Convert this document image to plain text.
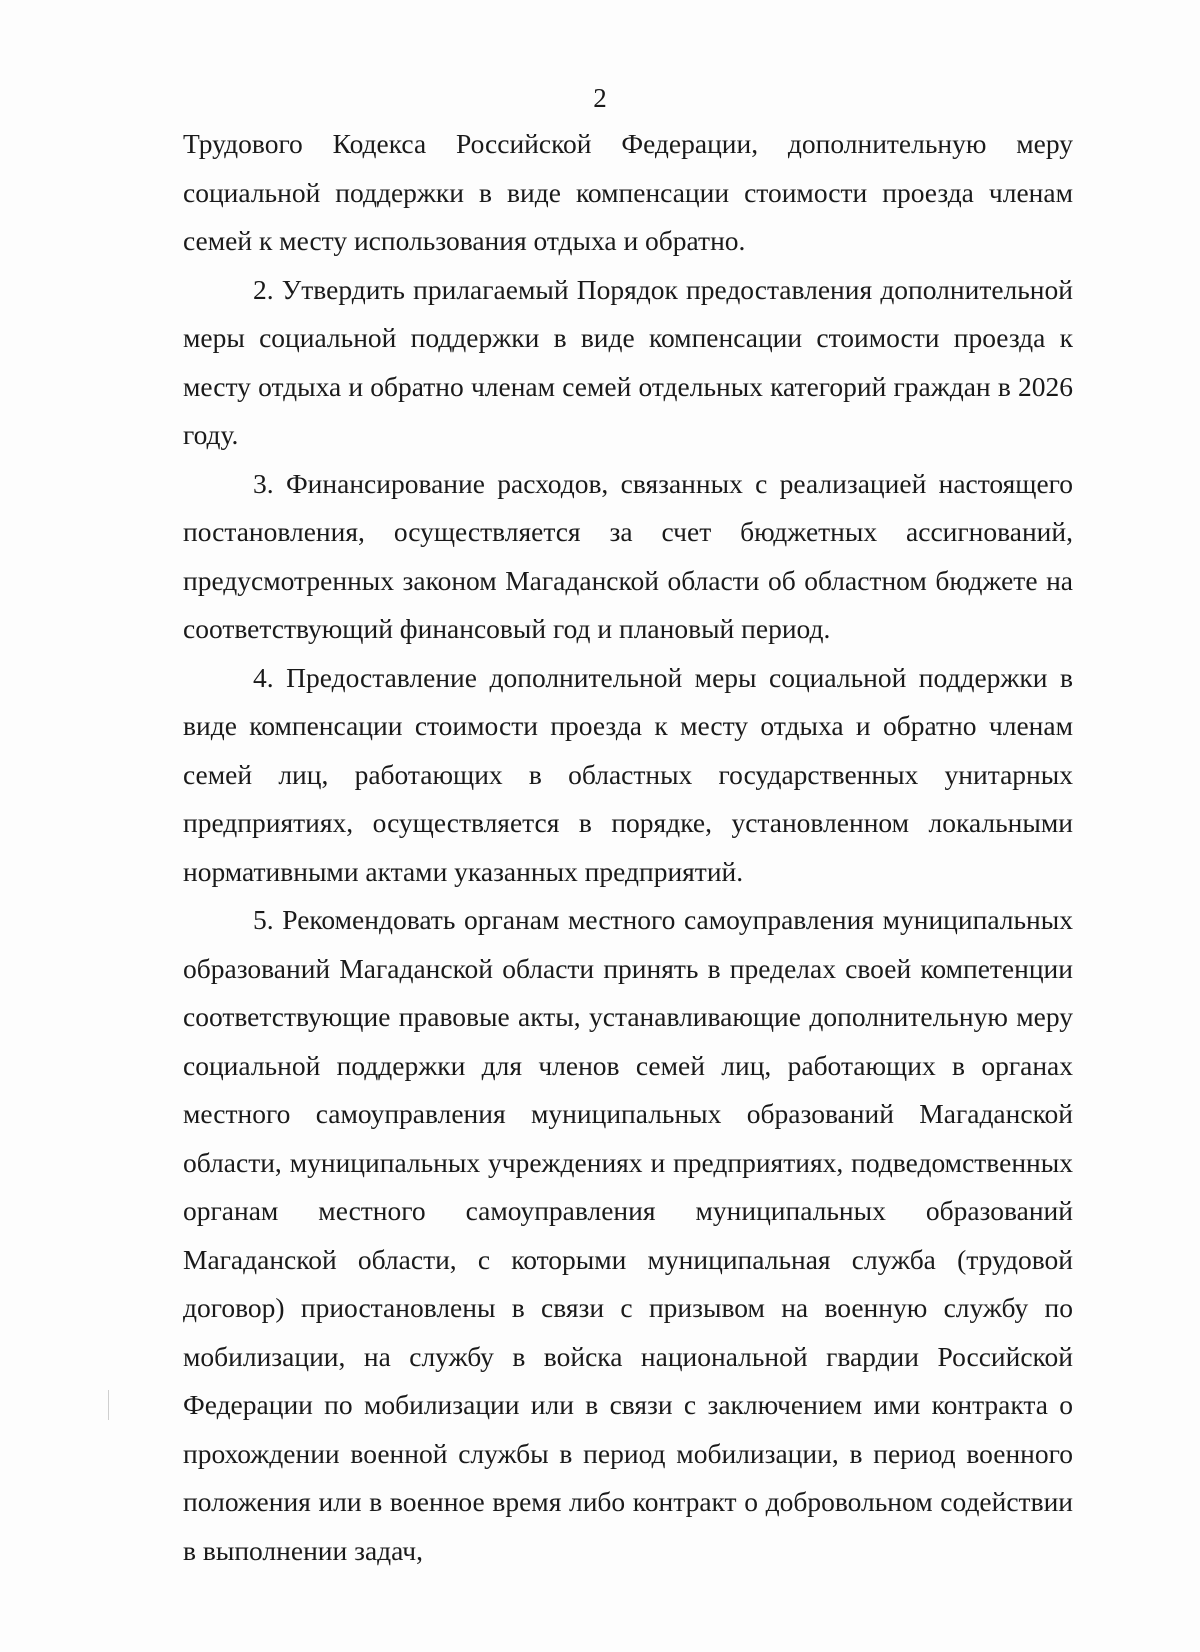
2

Трудового Кодекса Российской Федерации, дополнительную меру социальной поддержки в виде компенсации стоимости проезда членам семей к месту использования отдыха и обратно.

2. Утвердить прилагаемый Порядок предоставления дополнительной меры социальной поддержки в виде компенсации стоимости проезда к месту отдыха и обратно членам семей отдельных категорий граждан в 2026 году.

3. Финансирование расходов, связанных с реализацией настоящего постановления, осуществляется за счет бюджетных ассигнований, предусмотренных законом Магаданской области об областном бюджете на соответствующий финансовый год и плановый период.

4. Предоставление дополнительной меры социальной поддержки в виде компенсации стоимости проезда к месту отдыха и обратно членам семей лиц, работающих в областных государственных унитарных предприятиях, осуществляется в порядке, установленном локальными нормативными актами указанных предприятий.

5. Рекомендовать органам местного самоуправления муниципальных образований Магаданской области принять в пределах своей компетенции соответствующие правовые акты, устанавливающие дополнительную меру социальной поддержки для членов семей лиц, работающих в органах местного самоуправления муниципальных образований Магаданской области, муниципальных учреждениях и предприятиях, подведомственных органам местного самоуправления муниципальных образований Магаданской области, с которыми муниципальная служба (трудовой договор) приостановлены в связи с призывом на военную службу по мобилизации, на службу в войска национальной гвардии Российской Федерации по мобилизации или в связи с заключением ими контракта о прохождении военной службы в период мобилизации, в период военного положения или в военное время либо контракт о добровольном содействии в выполнении задач,
